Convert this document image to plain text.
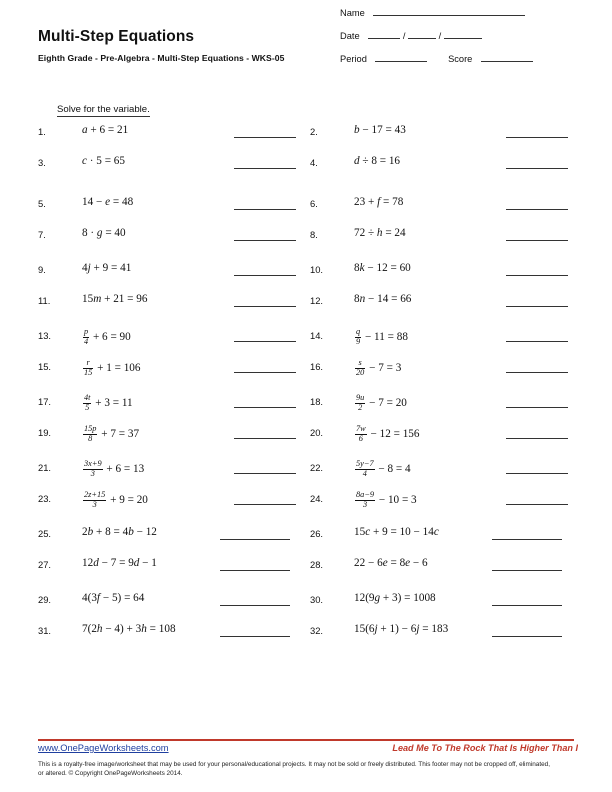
Multi-Step Equations
Eighth Grade - Pre-Algebra - Multi-Step Equations - WKS-05
Name
Date	/	/
Period	Score
Solve for the variable.
1.	a + 6 = 21	2.	b − 17 = 43
3.	c · 5 = 65	4.	d ÷ 8 = 16
5.	14 − e = 48	6.	23 + f = 78
7.	8 · g = 40	8.	72 ÷ h = 24
9.	4j + 9 = 41	10.	8k − 12 = 60
11.	15m + 21 = 96	12.	8n − 14 = 66
13.	$\frac{p}{4} + 6 = 90$	14.	$\frac{q}{9} - 11 = 88$
15.	$\frac{r}{15} + 1 = 106$	16.	$\frac{s}{20} - 7 = 3$
17.	$\frac{4t}{5} + 3 = 11$	18.	$\frac{9u}{2} - 7 = 20$
19.	$\frac{15p}{8} + 7 = 37$	20.	$\frac{7w}{6} - 12 = 156$
21.	$\frac{3x+9}{3} + 6 = 13$	22.	$\frac{5y-7}{4} - 8 = 4$
23.	$\frac{2z+15}{3} + 9 = 20$	24.	$\frac{8a-9}{3} - 10 = 3$
25.	2b + 8 = 4b − 12	26.	15c + 9 = 10 − 14c
27.	12d − 7 = 9d − 1	28.	22 − 6e = 8e − 6
29.	4(3f − 5) = 64	30.	12(9g + 3) = 1008
31.	7(2h − 4) + 3h = 108	32.	15(6j + 1) − 6j = 183
www.OnePageWorksheets.com	Lead Me To The Rock That Is Higher Than I
This is a royalty-free image/worksheet that may be used for your personal/educational projects. It may not be sold or freely distributed. This footer may not be cropped off, eliminated, or altered. © Copyright OnePageWorksheets 2014.
